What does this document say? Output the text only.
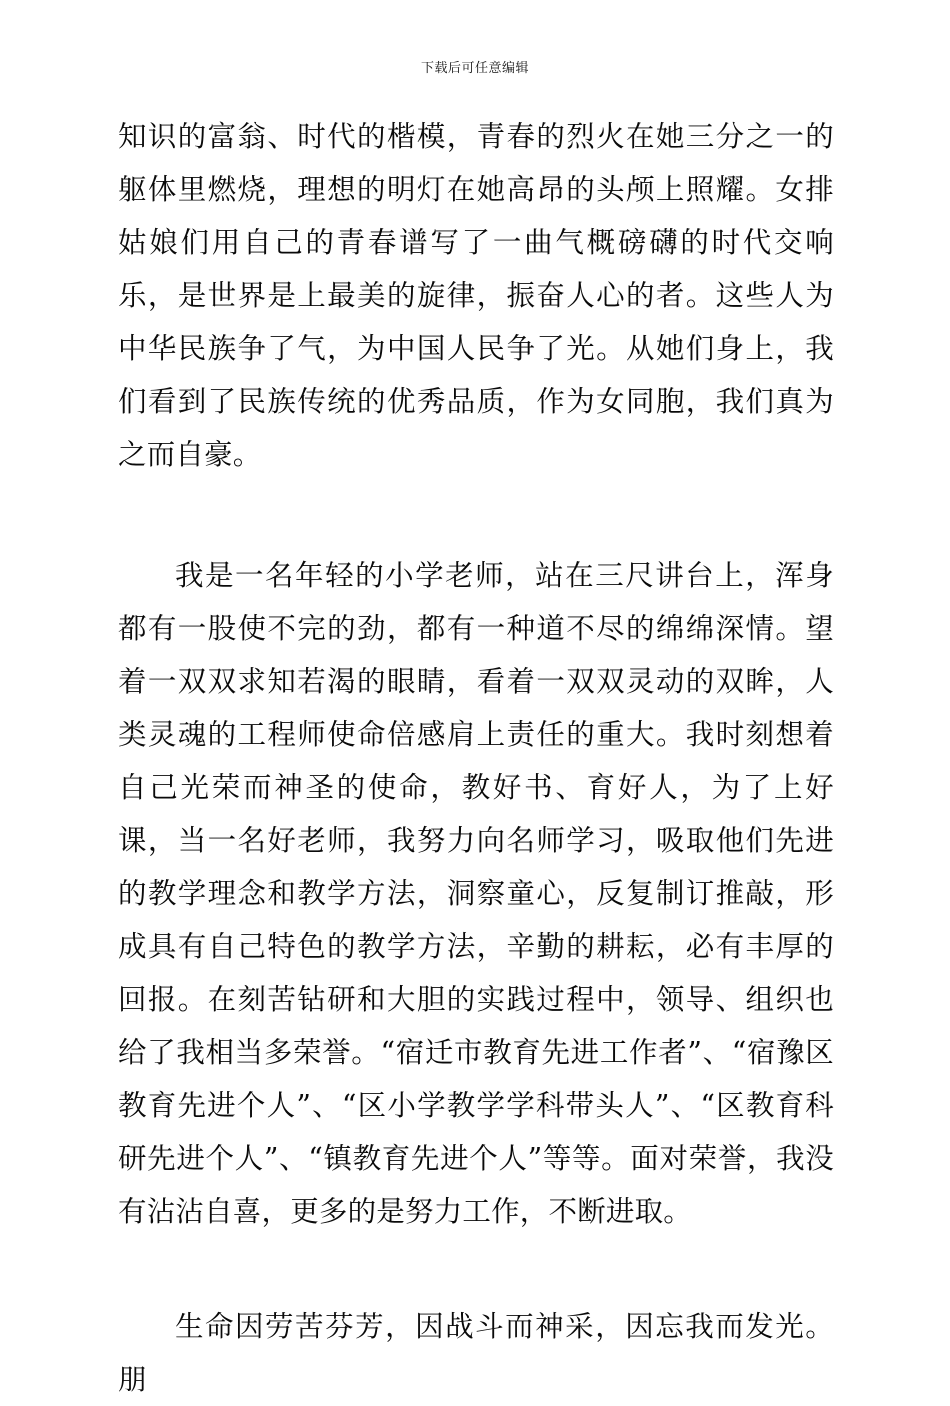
下载后可任意编辑

知识的富翁、时代的楷模，青春的烈火在她三分之一的躯体里燃烧，理想的明灯在她高昂的头颅上照耀。女排姑娘们用自己的青春谱写了一曲气概磅礴的时代交响乐，是世界是上最美的旋律，振奋人心的者。这些人为中华民族争了气，为中国人民争了光。从她们身上，我们看到了民族传统的优秀品质，作为女同胞，我们真为之而自豪。

我是一名年轻的小学老师，站在三尺讲台上，浑身都有一股使不完的劲，都有一种道不尽的绵绵深情。望着一双双求知若渴的眼睛，看着一双双灵动的双眸，人类灵魂的工程师使命倍感肩上责任的重大。我时刻想着自己光荣而神圣的使命，教好书、育好人，为了上好课，当一名好老师，我努力向名师学习，吸取他们先进的教学理念和教学方法，洞察童心，反复制订推敲，形成具有自己特色的教学方法，辛勤的耕耘，必有丰厚的回报。在刻苦钻研和大胆的实践过程中，领导、组织也给了我相当多荣誉。“宿迁市教育先进工作者”、“宿豫区教育先进个人”、“区小学教学学科带头人”、“区教育科研先进个人”、“镇教育先进个人”等等。面对荣誉，我没有沾沾自喜，更多的是努力工作，不断进取。

生命因劳苦芬芳，因战斗而神采，因忘我而发光。朋
